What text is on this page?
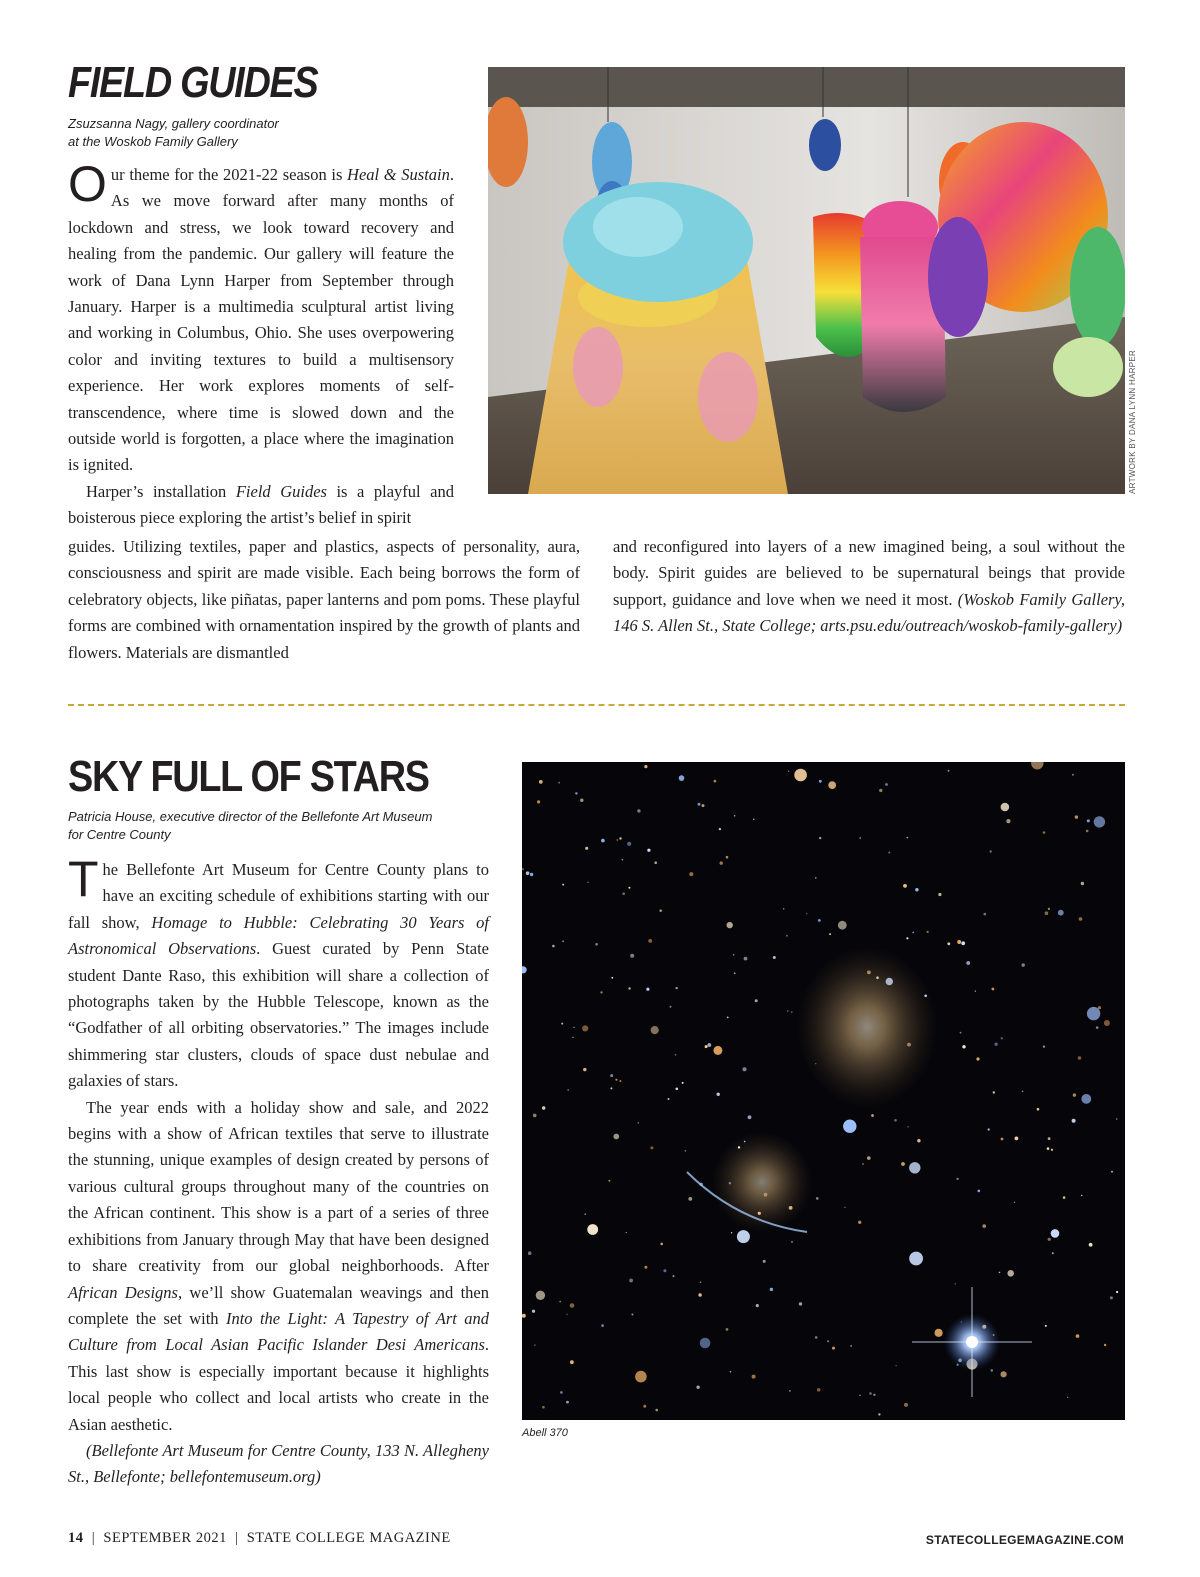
FIELD GUIDES
Zsuzsanna Nagy, gallery coordinator
at the Woskob Family Gallery

Our theme for the 2021-22 season is Heal & Sustain. As we move forward after many months of lockdown and stress, we look toward recovery and healing from the pandemic. Our gallery will feature the work of Dana Lynn Harper from September through January. Harper is a multimedia sculptural artist living and working in Columbus, Ohio. She uses overpowering color and inviting textures to build a multisensory experience. Her work explores moments of self-transcendence, where time is slowed down and the outside world is forgotten, a place where the imagination is ignited.

Harper’s installation Field Guides is a playful and boisterous piece exploring the artist’s belief in spirit

ARTWORK BY DANA LYNN HARPER

guides. Utilizing textiles, paper and plastics, aspects of personality, aura, consciousness and spirit are made visible. Each being borrows the form of celebratory objects, like piñatas, paper lanterns and pom poms. These playful forms are combined with ornamentation inspired by the growth of plants and flowers. Materials are dismantled

and reconfigured into layers of a new imagined being, a soul without the body. Spirit guides are believed to be supernatural beings that provide support, guidance and love when we need it most. (Woskob Family Gallery, 146 S. Allen St., State College; arts.psu.edu/outreach/woskob-family-gallery)

SKY FULL OF STARS
Patricia House, executive director of the Bellefonte Art Museum
for Centre County

The Bellefonte Art Museum for Centre County plans to have an exciting schedule of exhibitions starting with our fall show, Homage to Hubble: Celebrating 30 Years of Astronomical Observations. Guest curated by Penn State student Dante Raso, this exhibition will share a collection of photographs taken by the Hubble Telescope, known as the “Godfather of all orbiting observatories.” The images include shimmering star clusters, clouds of space dust nebulae and galaxies of stars.

The year ends with a holiday show and sale, and 2022 begins with a show of African textiles that serve to illustrate the stunning, unique examples of design created by persons of various cultural groups throughout many of the countries on the African continent. This show is a part of a series of three exhibitions from January through May that have been designed to share creativity from our global neighborhoods. After African Designs, we’ll show Guatemalan weavings and then complete the set with Into the Light: A Tapestry of Art and Culture from Local Asian Pacific Islander Desi Americans. This last show is especially important because it highlights local people who collect and local artists who create in the Asian aesthetic.

(Bellefonte Art Museum for Centre County, 133 N. Allegheny St., Bellefonte; bellefontemuseum.org)

Abell 370
14 | SEPTEMBER 2021 | STATE COLLEGE MAGAZINE	STATECOLLEGEMAGAZINE.COM
